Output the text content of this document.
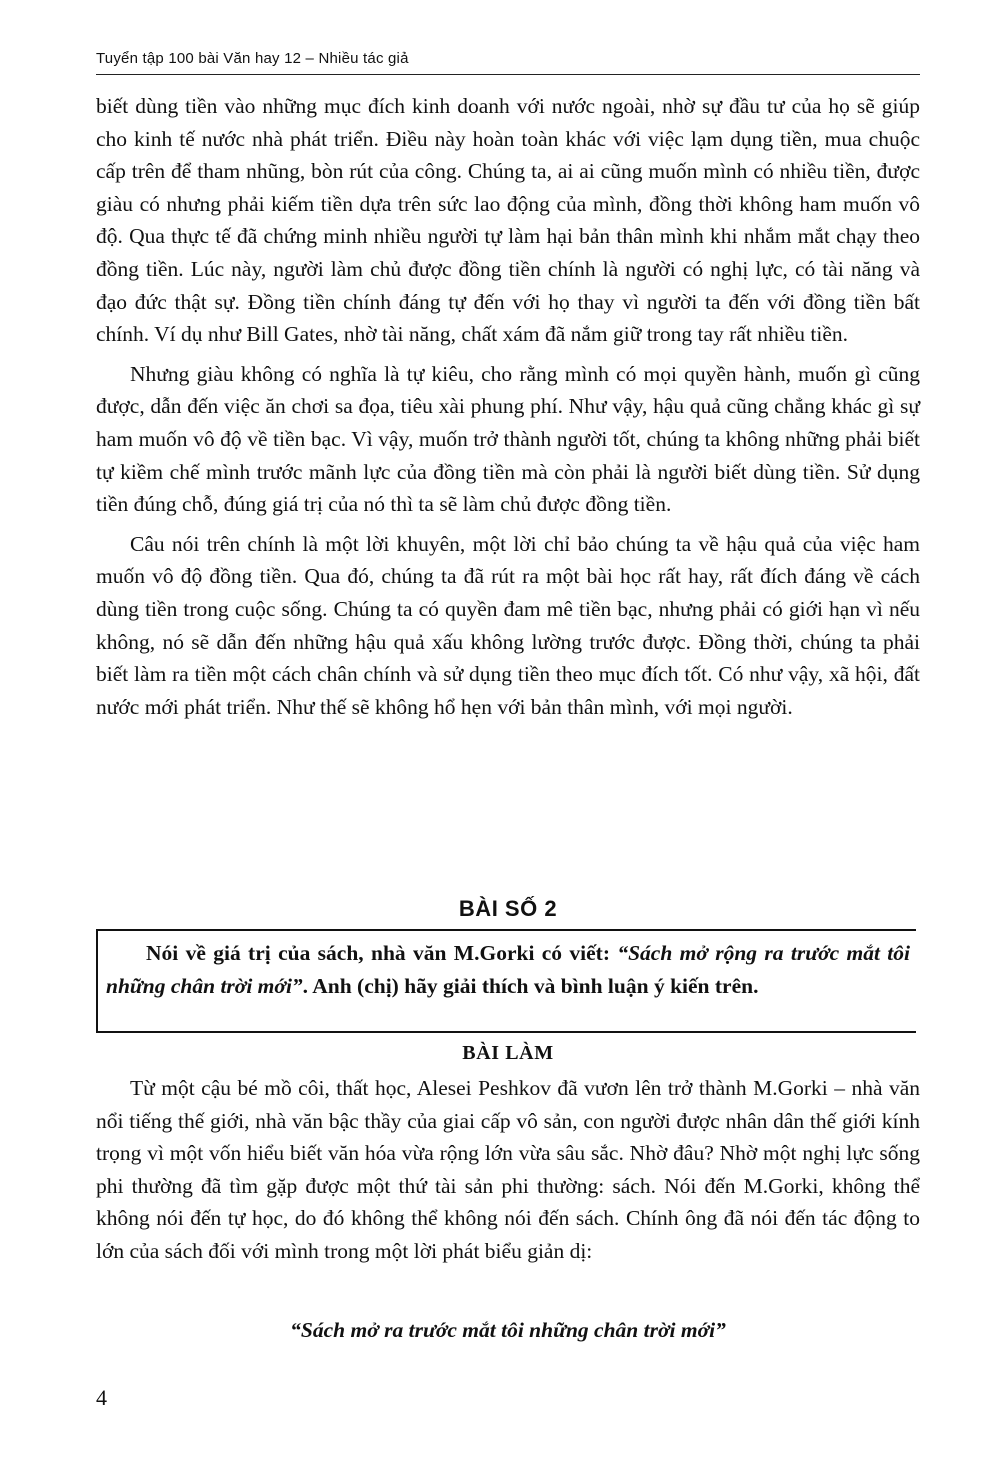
Tuyển tập 100 bài Văn hay 12 – Nhiều tác giả

biết dùng tiền vào những mục đích kinh doanh với nước ngoài, nhờ sự đầu tư của họ sẽ giúp cho kinh tế nước nhà phát triển. Điều này hoàn toàn khác với việc lạm dụng tiền, mua chuộc cấp trên để tham nhũng, bòn rút của công. Chúng ta, ai ai cũng muốn mình có nhiều tiền, được giàu có nhưng phải kiếm tiền dựa trên sức lao động của mình, đồng thời không ham muốn vô độ. Qua thực tế đã chứng minh nhiều người tự làm hại bản thân mình khi nhắm mắt chạy theo đồng tiền. Lúc này, người làm chủ được đồng tiền chính là người có nghị lực, có tài năng và đạo đức thật sự. Đồng tiền chính đáng tự đến với họ thay vì người ta đến với đồng tiền bất chính. Ví dụ như Bill Gates, nhờ tài năng, chất xám đã nắm giữ trong tay rất nhiều tiền.

Nhưng giàu không có nghĩa là tự kiêu, cho rằng mình có mọi quyền hành, muốn gì cũng được, dẫn đến việc ăn chơi sa đọa, tiêu xài phung phí. Như vậy, hậu quả cũng chẳng khác gì sự ham muốn vô độ về tiền bạc. Vì vậy, muốn trở thành người tốt, chúng ta không những phải biết tự kiềm chế mình trước mãnh lực của đồng tiền mà còn phải là người biết dùng tiền. Sử dụng tiền đúng chỗ, đúng giá trị của nó thì ta sẽ làm chủ được đồng tiền.

Câu nói trên chính là một lời khuyên, một lời chỉ bảo chúng ta về hậu quả của việc ham muốn vô độ đồng tiền. Qua đó, chúng ta đã rút ra một bài học rất hay, rất đích đáng về cách dùng tiền trong cuộc sống. Chúng ta có quyền đam mê tiền bạc, nhưng phải có giới hạn vì nếu không, nó sẽ dẫn đến những hậu quả xấu không lường trước được. Đồng thời, chúng ta phải biết làm ra tiền một cách chân chính và sử dụng tiền theo mục đích tốt. Có như vậy, xã hội, đất nước mới phát triển. Như thế sẽ không hổ hẹn với bản thân mình, với mọi người.

BÀI SỐ 2
Nói về giá trị của sách, nhà văn M.Gorki có viết: “Sách mở rộng ra trước mắt tôi những chân trời mới”. Anh (chị) hãy giải thích và bình luận ý kiến trên.
BÀI LÀM

Từ một cậu bé mồ côi, thất học, Alesei Peshkov đã vươn lên trở thành M.Gorki – nhà văn nổi tiếng thế giới, nhà văn bậc thầy của giai cấp vô sản, con người được nhân dân thế giới kính trọng vì một vốn hiểu biết văn hóa vừa rộng lớn vừa sâu sắc. Nhờ đâu? Nhờ một nghị lực sống phi thường đã tìm gặp được một thứ tài sản phi thường: sách. Nói đến M.Gorki, không thể không nói đến tự học, do đó không thể không nói đến sách. Chính ông đã nói đến tác động to lớn của sách đối với mình trong một lời phát biểu giản dị:

“Sách mở ra trước mắt tôi những chân trời mới”
4
